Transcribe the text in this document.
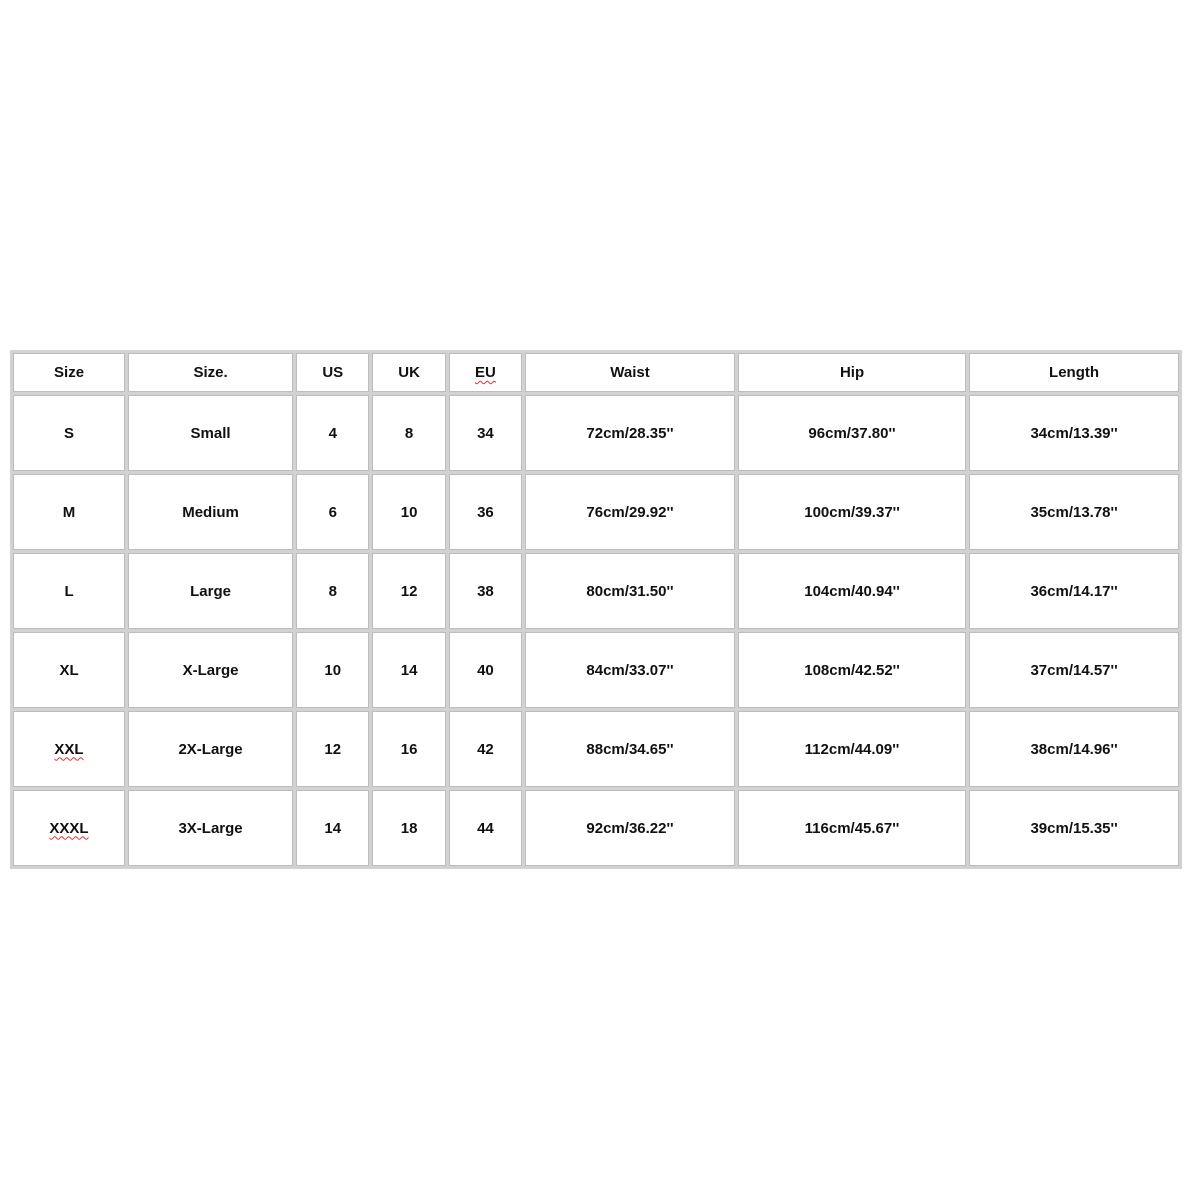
Size	Size.	US	UK	EU	Waist	Hip	Length
S	Small	4	8	34	72cm/28.35''	96cm/37.80''	34cm/13.39''
M	Medium	6	10	36	76cm/29.92''	100cm/39.37''	35cm/13.78''
L	Large	8	12	38	80cm/31.50''	104cm/40.94''	36cm/14.17''
XL	X-Large	10	14	40	84cm/33.07''	108cm/42.52''	37cm/14.57''
XXL	2X-Large	12	16	42	88cm/34.65''	112cm/44.09''	38cm/14.96''
XXXL	3X-Large	14	18	44	92cm/36.22''	116cm/45.67''	39cm/15.35''
